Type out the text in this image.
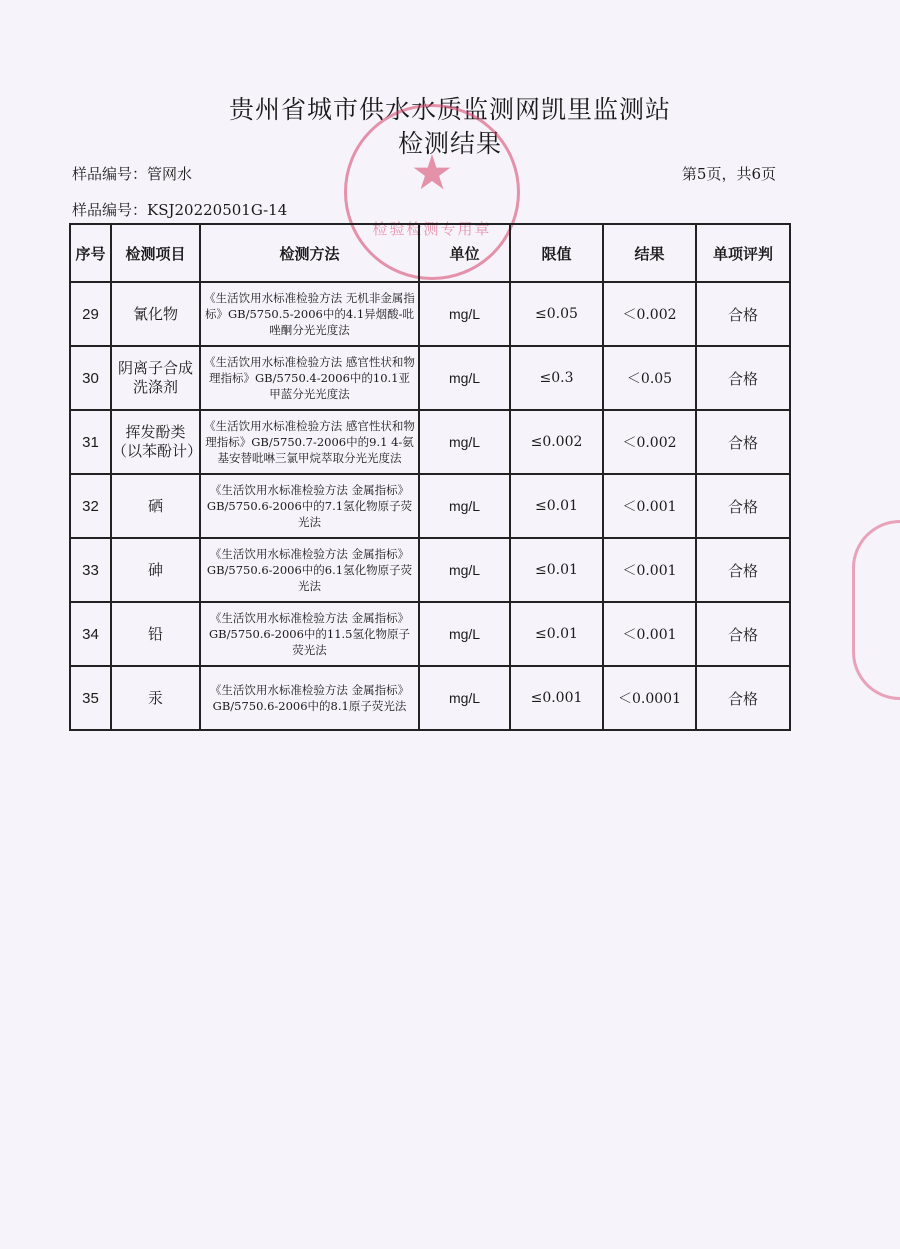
贵州省城市供水水质监测网凯里监测站
检测结果
★
检验检测专用章
样品编号：管网水	第5页，共6页
样品编号：KSJ20220501G-14
序号	检测项目	检测方法	单位	限值	结果	单项评判
29	氰化物	《生活饮用水标准检验方法 无机非金属指标》GB/5750.5-2006中的4.1异烟酸-吡唑酮分光光度法	mg/L	≤0.05	＜0.002	合格
30	阴离子合成洗涤剂	《生活饮用水标准检验方法 感官性状和物理指标》GB/5750.4-2006中的10.1亚甲蓝分光光度法	mg/L	≤0.3	＜0.05	合格
31	挥发酚类（以苯酚计）	《生活饮用水标准检验方法 感官性状和物理指标》GB/5750.7-2006中的9.1 4-氨基安替吡啉三氯甲烷萃取分光光度法	mg/L	≤0.002	＜0.002	合格
32	硒	《生活饮用水标准检验方法 金属指标》GB/5750.6-2006中的7.1氢化物原子荧光法	mg/L	≤0.01	＜0.001	合格
33	砷	《生活饮用水标准检验方法 金属指标》GB/5750.6-2006中的6.1氢化物原子荧光法	mg/L	≤0.01	＜0.001	合格
34	铅	《生活饮用水标准检验方法 金属指标》GB/5750.6-2006中的11.5氢化物原子荧光法	mg/L	≤0.01	＜0.001	合格
35	汞	《生活饮用水标准检验方法 金属指标》GB/5750.6-2006中的8.1原子荧光法	mg/L	≤0.001	＜0.0001	合格
